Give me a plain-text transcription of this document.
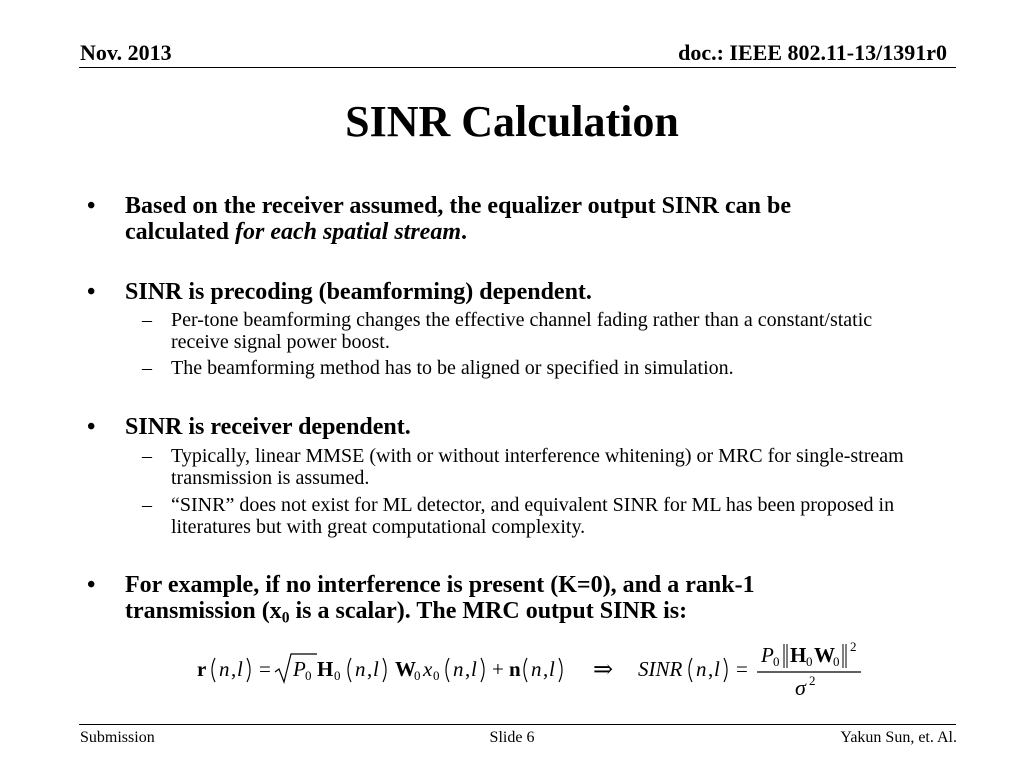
Nov. 2013	doc.: IEEE 802.11-13/1391r0
SINR Calculation
• Based on the receiver assumed, the equalizer output SINR can be
calculated for each spatial stream.
• SINR is precoding (beamforming) dependent.
– Per-tone beamforming changes the effective channel fading rather than a constant/static receive signal power boost.
– The beamforming method has to be aligned or specified in simulation.
• SINR is receiver dependent.
– Typically, linear MMSE (with or without interference whitening) or MRC for single-stream transmission is assumed.
– “SINR” does not exist for ML detector, and equivalent SINR for ML has been proposed in literatures but with great computational complexity.
• For example, if no interference is present (K=0), and a rank-1
transmission ($x_0$ is a scalar). The MRC output SINR is:
r n , l = P 0 H 0 n , l W
0 x 0 n , l + n n , l ⇒ SINR n , l =
P 0 H 0 W
0
2
σ 2
Submission	Slide 6	Yakun Sun, et. Al.
